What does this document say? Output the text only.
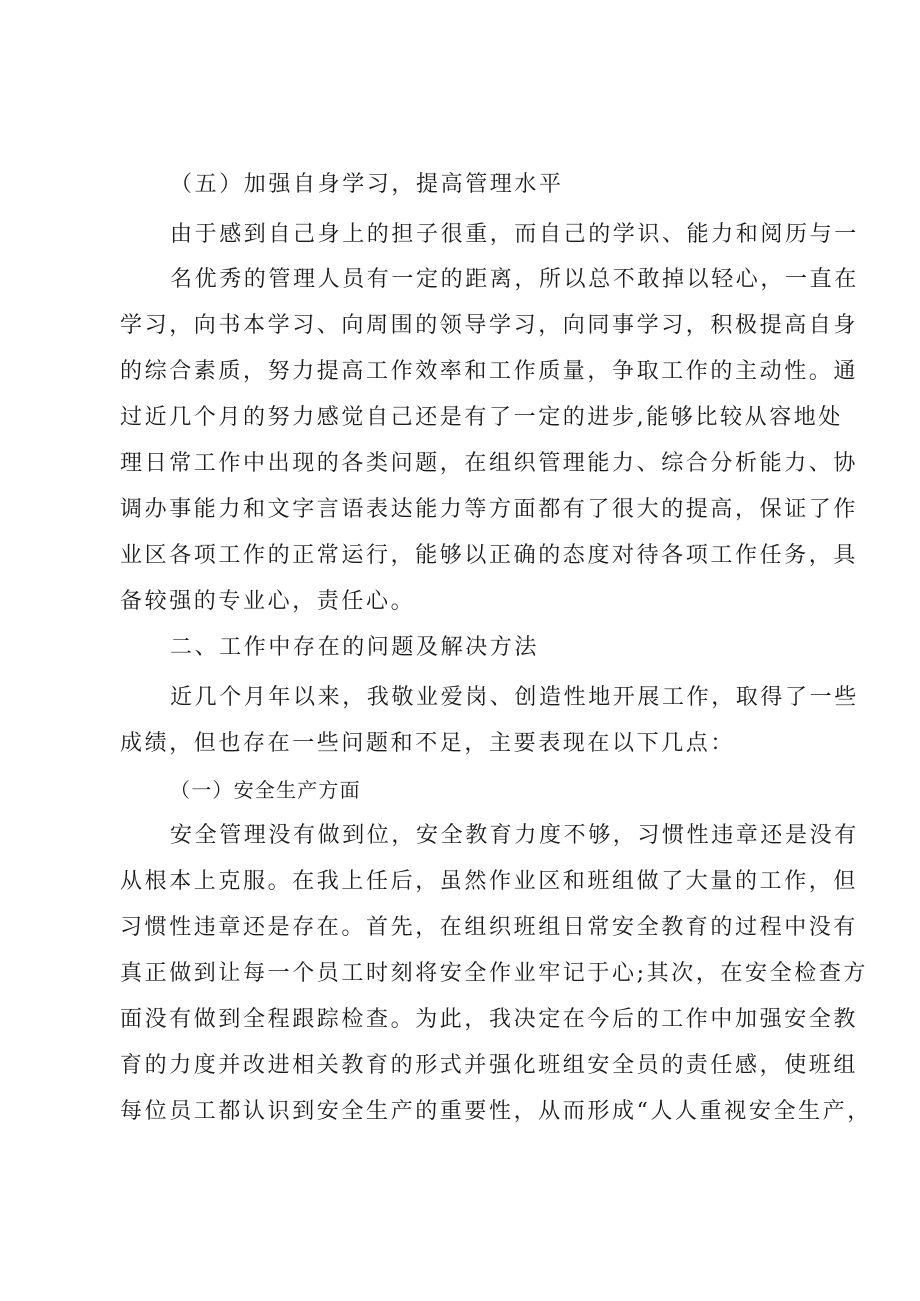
（五）加强自身学习，提高管理水平
由于感到自己身上的担子很重，而自己的学识、能力和阅历与一
名优秀的管理人员有一定的距离，所以总不敢掉以轻心，一直在
学习，向书本学习、向周围的领导学习，向同事学习，积极提高自身
的综合素质，努力提高工作效率和工作质量，争取工作的主动性。通
过近几个月的努力感觉自己还是有了一定的进步,能够比较从容地处
理日常工作中出现的各类问题，在组织管理能力、综合分析能力、协
调办事能力和文字言语表达能力等方面都有了很大的提高，保证了作
业区各项工作的正常运行，能够以正确的态度对待各项工作任务，具
备较强的专业心，责任心。
二、工作中存在的问题及解决方法
近几个月年以来，我敬业爱岗、创造性地开展工作，取得了一些
成绩，但也存在一些问题和不足，主要表现在以下几点：
（一）安全生产方面
安全管理没有做到位，安全教育力度不够，习惯性违章还是没有
从根本上克服。在我上任后，虽然作业区和班组做了大量的工作，但
习惯性违章还是存在。首先，在组织班组日常安全教育的过程中没有
真正做到让每一个员工时刻将安全作业牢记于心;其次，在安全检查方
面没有做到全程跟踪检查。为此，我决定在今后的工作中加强安全教
育的力度并改进相关教育的形式并强化班组安全员的责任感，使班组
每位员工都认识到安全生产的重要性，从而形成“人人重视安全生产，
